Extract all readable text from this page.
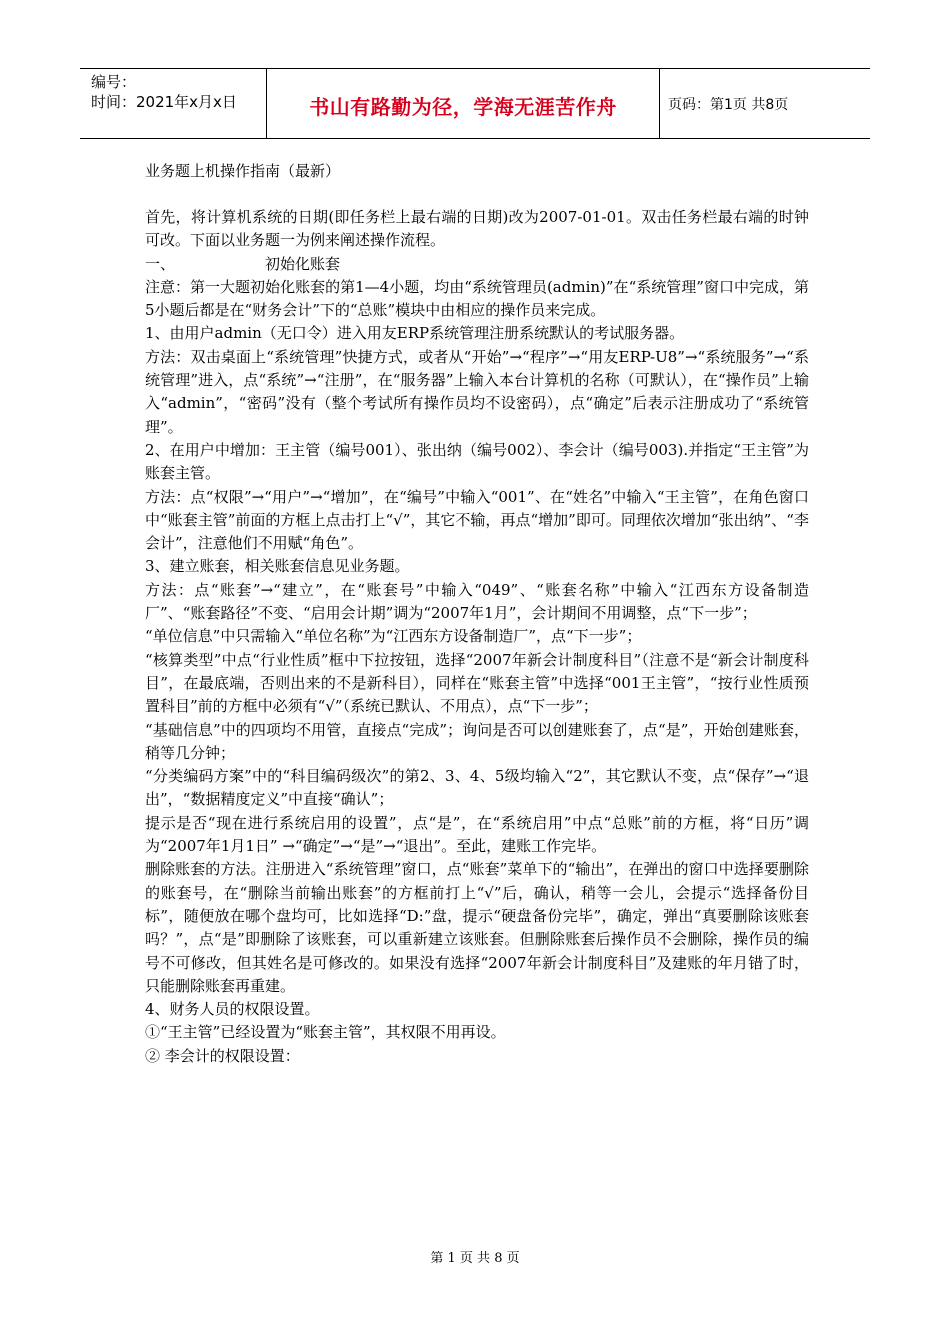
编号：
时间：2021年x月x日	书山有路勤为径，学海无涯苦作舟	页码：第1页 共8页
业务题上机操作指南（最新）

首先，将计算机系统的日期(即任务栏上最右端的日期)改为2007-01-01。双击任务栏最右端的时钟可改。下面以业务题一为例来阐述操作流程。

一、	初始化账套

注意：第一大题初始化账套的第1—4小题，均由“系统管理员(admin)”在“系统管理”窗口中完成，第5小题后都是在“财务会计”下的“总账”模块中由相应的操作员来完成。

1、由用户admin（无口令）进入用友ERP系统管理注册系统默认的考试服务器。

方法：双击桌面上“系统管理”快捷方式，或者从“开始”→“程序”→“用友ERP-U8”→“系统服务”→“系统管理”进入，点“系统”→“注册”，在“服务器”上输入本台计算机的名称（可默认），在“操作员”上输入“admin”，“密码”没有（整个考试所有操作员均不设密码），点“确定”后表示注册成功了“系统管理”。

2、在用户中增加：王主管（编号001）、张出纳（编号002）、李会计（编号003).并指定“王主管”为账套主管。

方法：点“权限”→“用户”→“增加”，在“编号”中输入“001”、在“姓名”中输入“王主管”，在角色窗口中“账套主管”前面的方框上点击打上“√”，其它不输，再点“增加”即可。同理依次增加“张出纳”、“李会计”，注意他们不用赋“角色”。

3、建立账套，相关账套信息见业务题。

方法：点“账套”→“建立”，在“账套号”中输入“049”、“账套名称”中输入“江西东方设备制造厂”、“账套路径”不变、“启用会计期”调为“2007年1月”，会计期间不用调整，点“下一步”；

“单位信息”中只需输入“单位名称”为“江西东方设备制造厂”，点“下一步”；

“核算类型”中点“行业性质”框中下拉按钮，选择“2007年新会计制度科目”（注意不是“新会计制度科目”，在最底端，否则出来的不是新科目），同样在“账套主管”中选择“001王主管”，“按行业性质预置科目”前的方框中必须有“√”（系统已默认、不用点），点“下一步”；

“基础信息”中的四项均不用管，直接点“完成”；询问是否可以创建账套了，点“是”，开始创建账套，稍等几分钟；

“分类编码方案”中的“科目编码级次”的第2、3、4、5级均输入“2”，其它默认不变，点“保存”→“退出”，“数据精度定义”中直接“确认”；

提示是否“现在进行系统启用的设置”，点“是”，在“系统启用”中点“总账”前的方框，将“日历”调为“2007年1月1日” →“确定”→“是”→“退出”。至此，建账工作完毕。

删除账套的方法。注册进入“系统管理”窗口，点“账套”菜单下的“输出”，在弹出的窗口中选择要删除的账套号，在“删除当前输出账套”的方框前打上“√”后，确认，稍等一会儿，会提示“选择备份目标”，随便放在哪个盘均可，比如选择“D:”盘，提示“硬盘备份完毕”，确定，弹出“真要删除该账套吗？”，点“是”即删除了该账套，可以重新建立该账套。但删除账套后操作员不会删除，操作员的编号不可修改，但其姓名是可修改的。如果没有选择“2007年新会计制度科目”及建账的年月错了时，只能删除账套再重建。

4、财务人员的权限设置。

①“王主管”已经设置为“账套主管”，其权限不用再设。

② 李会计的权限设置：

第 1 页 共 8 页
